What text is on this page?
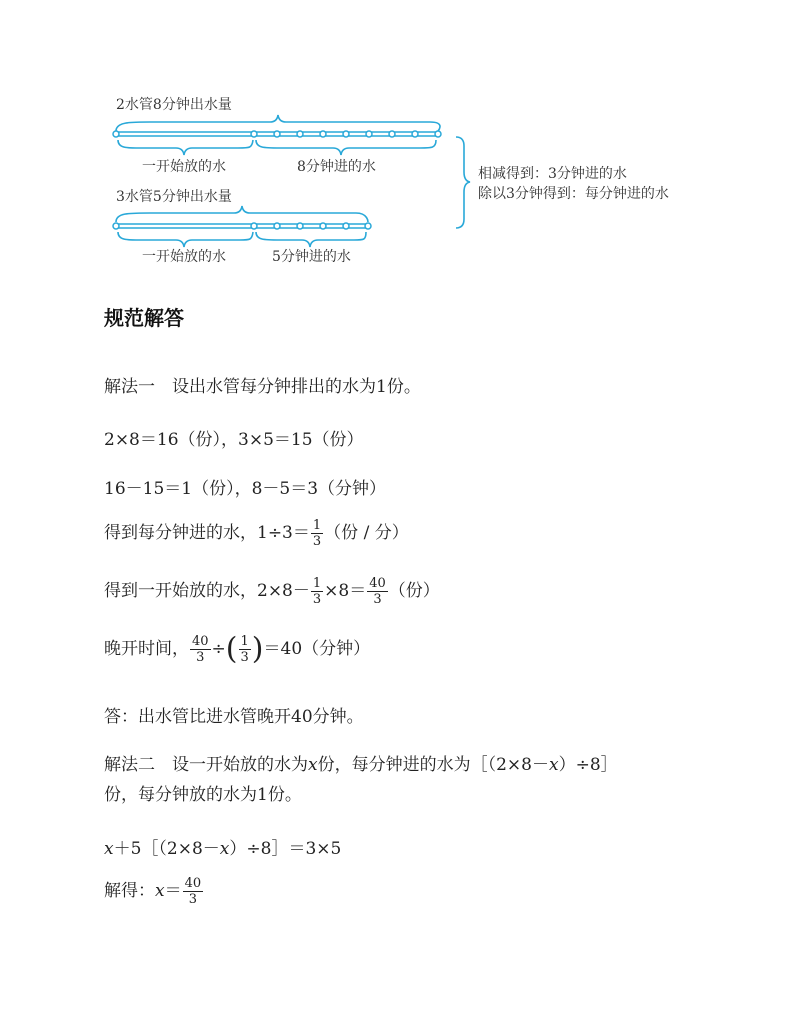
2水管8分钟出水量
一开始放的水	8分钟进的水	相减得到：3分钟进的水
除以3分钟得到：每分钟进的水
3水管5分钟出水量
一开始放的水	5分钟进的水
规范解答
解法一　设出水管每分钟排出的水为1份。
2×8＝16（份），3×5＝15（份）
16－15＝1（份），8－5＝3（分钟）
得到每分钟进的水，$1\div 3= \frac{1}{3}$ （份 / 分）
得到一开始放的水，$2\times 8- \frac{1}{3} \times 8= \frac{40}{3}$ （份）
晚开时间， $\frac{40}{3}$ ÷( $\frac{1}{3} )=40$（分钟）
答：出水管比进水管晚开40分钟。
解法二　设一开始放的水为x份，每分钟进的水为［（2×8－x）÷8］
份，每分钟放的水为1份。
x＋5［（2×8－x）÷8］＝3×5
解得：$x= \frac{40}{3}$
